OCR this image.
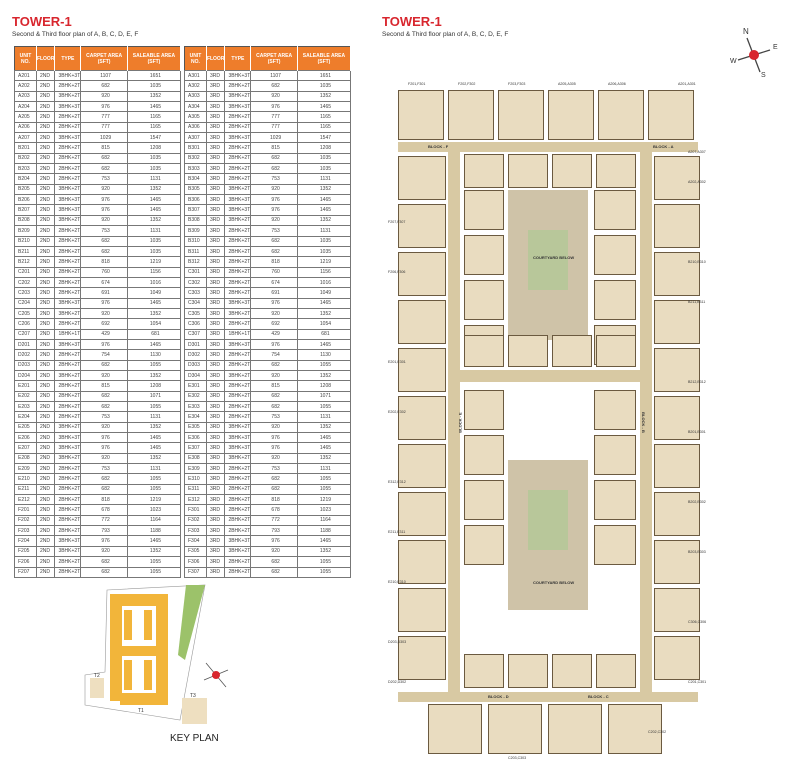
TOWER-1
Second & Third floor plan of A, B, C, D, E, F
UNIT NO.	FLOOR	TYPE	CARPET AREA (SFT)	SALEABLE AREA (SFT)
A201	2ND	3BHK+3T	1107	1651
A202	2ND	2BHK+2T	682	1035
A203	2ND	3BHK+2T	920	1352
A204	2ND	3BHK+3T	976	1465
A205	2ND	2BHK+2T	777	1165
A206	2ND	2BHK+2T	777	1165
A207	2ND	3BHK+3T	1029	1547
B201	2ND	2BHK+2T	815	1208
B202	2ND	2BHK+2T	682	1035
B203	2ND	2BHK+2T	682	1035
B204	2ND	2BHK+2T	753	1131
B205	2ND	3BHK+2T	920	1352
B206	2ND	3BHK+3T	976	1465
B207	2ND	3BHK+3T	976	1465
B208	2ND	3BHK+2T	920	1352
B209	2ND	2BHK+2T	753	1131
B210	2ND	2BHK+2T	682	1035
B211	2ND	2BHK+2T	682	1035
B212	2ND	2BHK+2T	818	1219
C201	2ND	2BHK+2T	760	1156
C202	2ND	2BHK+2T	674	1016
C203	2ND	2BHK+2T	691	1049
C204	2ND	3BHK+3T	976	1465
C205	2ND	3BHK+2T	920	1352
C206	2ND	2BHK+2T	692	1054
C207	2ND	1BHK+1T	429	681
D201	2ND	3BHK+3T	976	1465
D202	2ND	2BHK+2T	754	1130
D203	2ND	2BHK+2T	682	1055
D204	2ND	3BHK+2T	920	1352
E201	2ND	2BHK+2T	815	1208
E202	2ND	2BHK+2T	682	1071
E203	2ND	2BHK+2T	682	1055
E204	2ND	2BHK+2T	753	1131
E205	2ND	3BHK+2T	920	1352
E206	2ND	3BHK+3T	976	1465
E207	2ND	3BHK+3T	976	1465
E208	2ND	3BHK+2T	920	1352
E209	2ND	2BHK+2T	753	1131
E210	2ND	2BHK+2T	682	1055
E211	2ND	2BHK+2T	682	1055
E212	2ND	2BHK+2T	818	1219
F201	2ND	2BHK+2T	678	1023
F202	2ND	2BHK+2T	772	1164
F203	2ND	2BHK+2T	793	1188
F204	2ND	3BHK+3T	976	1465
F205	2ND	3BHK+2T	920	1352
F206	2ND	2BHK+2T	682	1055
F207	2ND	2BHK+2T	682	1055
UNIT NO.	FLOOR	TYPE	CARPET AREA (SFT)	SALEABLE AREA (SFT)
A301	3RD	3BHK+3T	1107	1651
A302	3RD	2BHK+2T	682	1035
A303	3RD	3BHK+2T	920	1352
A304	3RD	3BHK+3T	976	1465
A305	3RD	2BHK+2T	777	1165
A306	3RD	2BHK+2T	777	1165
A307	3RD	3BHK+3T	1029	1547
B301	3RD	2BHK+2T	815	1208
B302	3RD	2BHK+2T	682	1035
B303	3RD	2BHK+2T	682	1035
B304	3RD	2BHK+2T	753	1131
B305	3RD	3BHK+2T	920	1352
B306	3RD	3BHK+3T	976	1465
B307	3RD	3BHK+3T	976	1465
B308	3RD	3BHK+2T	920	1352
B309	3RD	2BHK+2T	753	1131
B310	3RD	2BHK+2T	682	1035
B311	3RD	2BHK+2T	682	1035
B312	3RD	2BHK+2T	818	1219
C301	3RD	2BHK+2T	760	1156
C302	3RD	2BHK+2T	674	1016
C303	3RD	2BHK+2T	691	1049
C304	3RD	3BHK+3T	976	1465
C305	3RD	3BHK+2T	920	1352
C306	3RD	2BHK+2T	692	1054
C307	3RD	1BHK+1T	429	681
D301	3RD	3BHK+3T	976	1465
D302	3RD	2BHK+2T	754	1130
D303	3RD	2BHK+2T	682	1055
D304	3RD	3BHK+2T	920	1352
E301	3RD	2BHK+2T	815	1208
E302	3RD	2BHK+2T	682	1071
E303	3RD	2BHK+2T	682	1055
E304	3RD	2BHK+2T	753	1131
E305	3RD	3BHK+2T	920	1352
E306	3RD	3BHK+3T	976	1465
E307	3RD	3BHK+3T	976	1465
E308	3RD	3BHK+2T	920	1352
E309	3RD	2BHK+2T	753	1131
E310	3RD	2BHK+2T	682	1055
E311	3RD	2BHK+2T	682	1055
E312	3RD	2BHK+2T	818	1219
F301	3RD	2BHK+2T	678	1023
F302	3RD	2BHK+2T	772	1164
F303	3RD	2BHK+2T	793	1188
F304	3RD	3BHK+3T	976	1465
F305	3RD	3BHK+2T	920	1352
F306	3RD	2BHK+2T	682	1055
F307	3RD	2BHK+2T	682	1055
T2
T1
T3
KEY PLAN
TOWER-1
Second & Third floor plan of A, B, C, D, E, F	N
E
S
W
F201,F301	F202,F302	F203,F303	A205,A305	A206,A306
A207,A307
A201,A301
F207,F307
F206,F306
A202,A302
E201,E301
E202,E302
B210,B310
B211,B311
E312,E312
B212,B312
E211,E311
B201,B301
E210,E310
B202,B302
B203,B303
D203,D303
C306,C306
D202,D302	C201,C301
C202,C302
C203,C303
COURTYARD BELOW
COURTYARD BELOW
BLOCK - F	BLOCK - A
BLOCK - E	BLOCK - B
BLOCK - D	BLOCK - C
